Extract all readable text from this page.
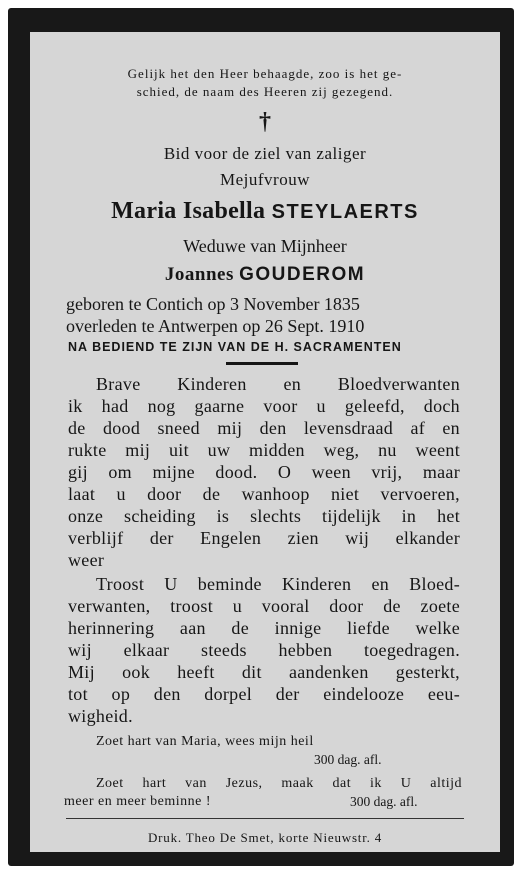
Gelijk het den Heer behaagde, zoo is het ge-
schied, de naam des Heeren zij gezegend.
†
Bid voor de ziel van zaliger
Mejufvrouw
Maria Isabella STEYLAERTS
Weduwe van Mijnheer
Joannes GOUDEROM
geboren te Contich op 3 November 1835
overleden te Antwerpen op 26 Sept. 1910
NA BEDIEND TE ZIJN VAN DE H. SACRAMENTEN
Brave Kinderen en Bloedverwanten
ik had nog gaarne voor u geleefd, doch
de dood sneed mij den levensdraad af en
rukte mij uit uw midden weg, nu weent
gij om mijne dood. O ween vrij, maar
laat u door de wanhoop niet vervoeren,
onze scheiding is slechts tijdelijk in het
verblijf der Engelen zien wij elkander
weer
Troost U beminde Kinderen en Bloed-
verwanten, troost u vooral door de zoete
herinnering aan de innige liefde welke
wij elkaar steeds hebben toegedragen.
Mij ook heeft dit aandenken gesterkt,
tot op den dorpel der eindelooze eeu-
wigheid.
Zoet hart van Maria, wees mijn heil
300 dag. afl.
Zoet hart van Jezus, maak dat ik U altijd
meer en meer beminne !	300 dag. afl.
Druk. Theo De Smet, korte Nieuwstr. 4
